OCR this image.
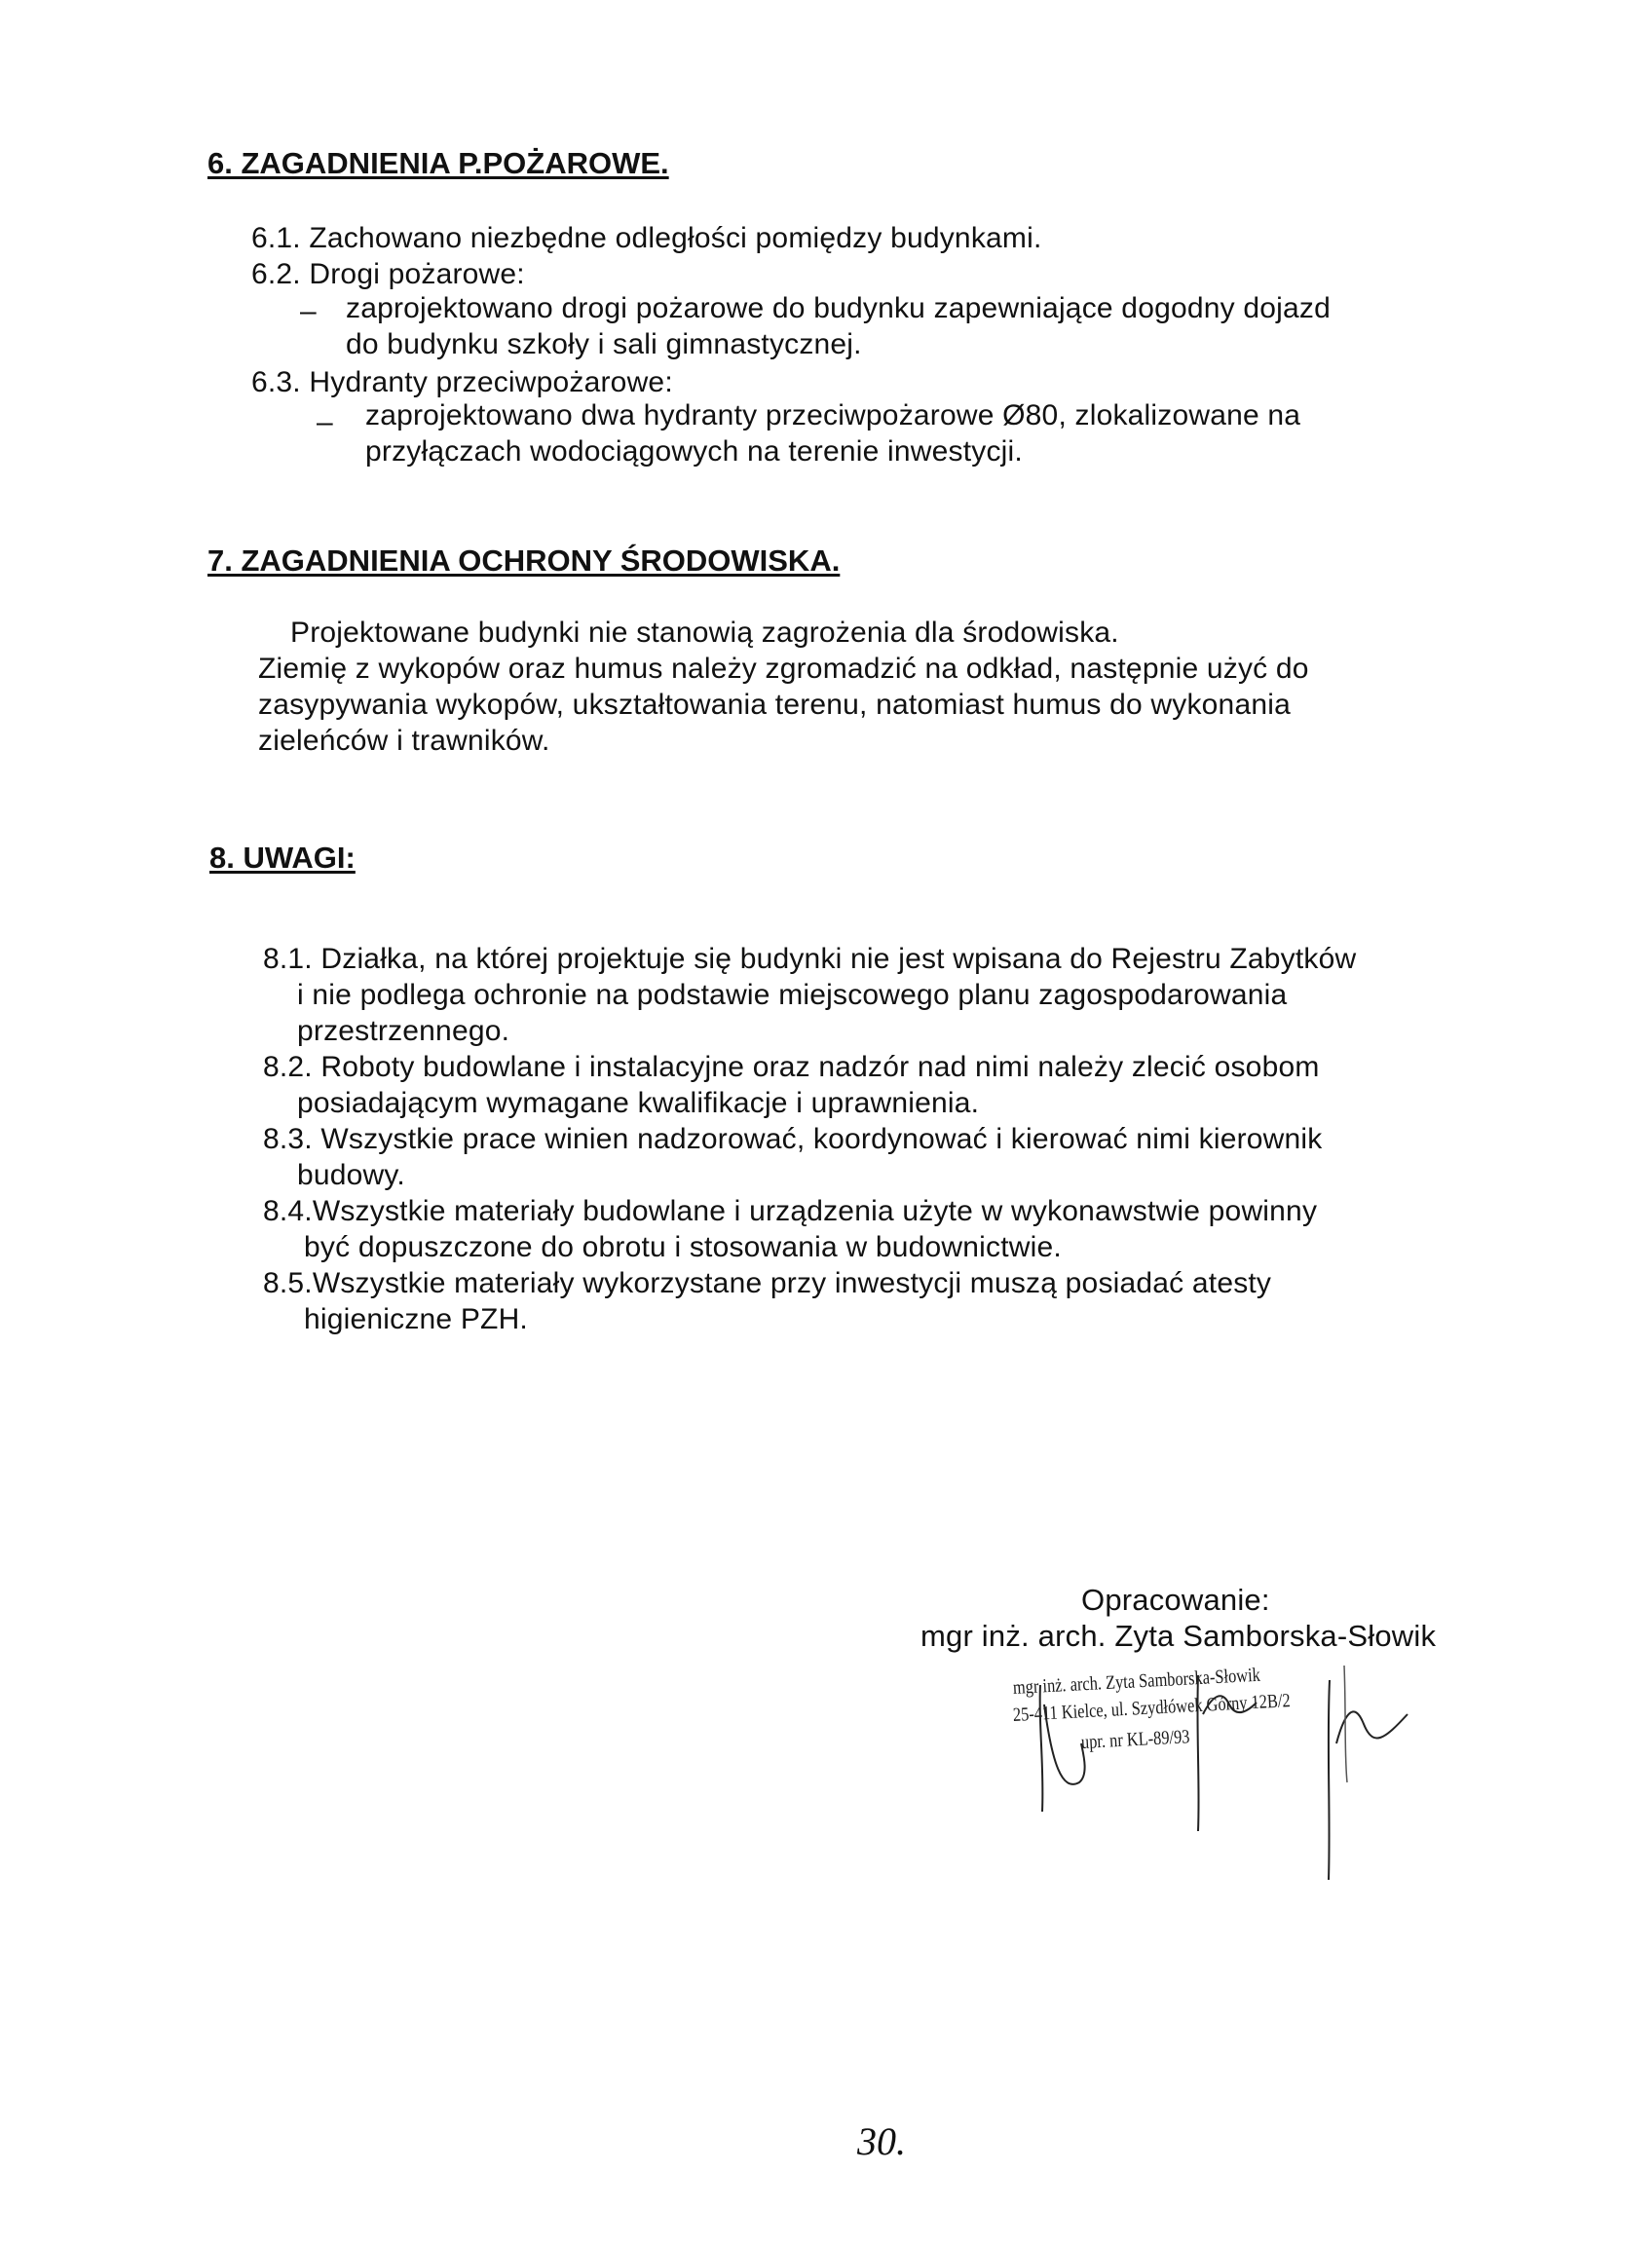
6. ZAGADNIENIA P.POŻAROWE.
6.1. Zachowano niezbędne odległości pomiędzy budynkami.
6.2. Drogi pożarowe:
– zaprojektowano drogi pożarowe do budynku zapewniające dogodny dojazd
do budynku szkoły i sali gimnastycznej.
6.3. Hydranty przeciwpożarowe:
– zaprojektowano dwa hydranty przeciwpożarowe Ø80, zlokalizowane na
przyłączach wodociągowych na terenie inwestycji.
7. ZAGADNIENIA OCHRONY ŚRODOWISKA.
Projektowane budynki nie stanowią zagrożenia dla środowiska.
Ziemię z wykopów oraz humus należy zgromadzić na odkład, następnie użyć do
zasypywania wykopów, ukształtowania terenu, natomiast humus do wykonania
zieleńców i trawników.
8. UWAGI:
8.1. Działka, na której projektuje się budynki nie jest wpisana do Rejestru Zabytków
i nie podlega ochronie na podstawie miejscowego planu zagospodarowania
przestrzennego.
8.2. Roboty budowlane i instalacyjne oraz nadzór nad nimi należy zlecić osobom
posiadającym wymagane kwalifikacje i uprawnienia.
8.3. Wszystkie prace winien nadzorować, koordynować i kierować nimi kierownik
budowy.
8.4.Wszystkie materiały budowlane i urządzenia użyte w wykonawstwie powinny
być dopuszczone do obrotu i stosowania w budownictwie.
8.5.Wszystkie materiały wykorzystane przy inwestycji muszą posiadać atesty
higieniczne PZH.
Opracowanie:
mgr inż. arch. Zyta Samborska-Słowik
mgr inż. arch. Zyta Samborska-Słowik
25-411 Kielce, ul. Szydłówek Górny 12B/2
upr. nr KL-89/93
30.
